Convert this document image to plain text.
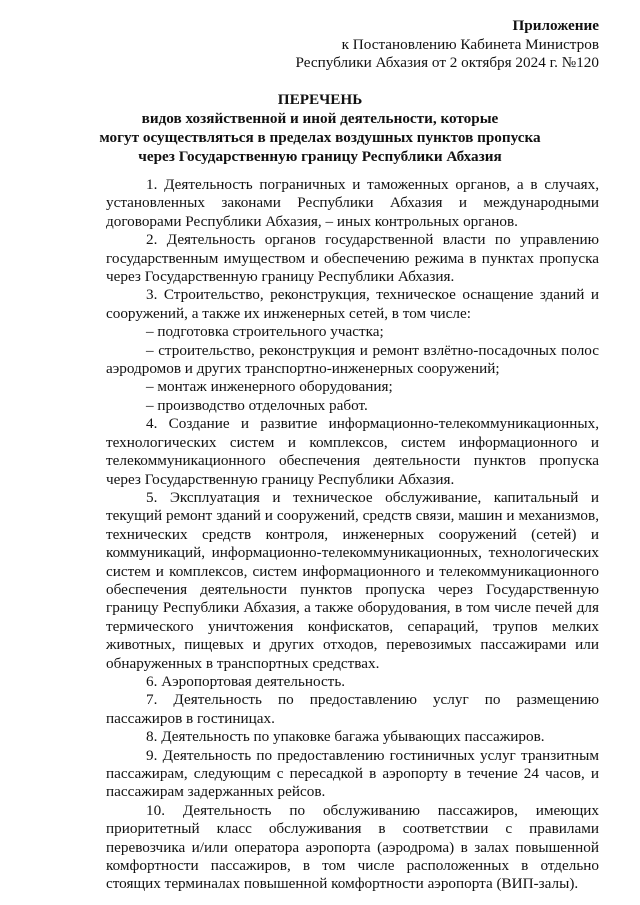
Приложение
к Постановлению Кабинета Министров
Республики Абхазия от 2 октября 2024 г. №120
ПЕРЕЧЕНЬ
видов хозяйственной и иной деятельности, которые
могут осуществляться в пределах воздушных пунктов пропуска
через Государственную границу Республики Абхазия

1. Деятельность пограничных и таможенных органов, а в случаях, установленных законами Республики Абхазия и международными договорами Республики Абхазия, – иных контрольных органов.

2. Деятельность органов государственной власти по управлению государственным имуществом и обеспечению режима в пунктах пропуска через Государственную границу Республики Абхазия.

3. Строительство, реконструкция, техническое оснащение зданий и сооружений, а также их инженерных сетей, в том числе:

– подготовка строительного участка;

– строительство, реконструкция и ремонт взлётно-посадочных полос аэродромов и других транспортно-инженерных сооружений;

– монтаж инженерного оборудования;

– производство отделочных работ.

4. Создание и развитие информационно-телекоммуникационных, технологических систем и комплексов, систем информационного и телекоммуникационного обеспечения деятельности пунктов пропуска через Государственную границу Республики Абхазия.

5. Эксплуатация и техническое обслуживание, капитальный и текущий ремонт зданий и сооружений, средств связи, машин и механизмов, технических средств контроля, инженерных сооружений (сетей) и коммуникаций, информационно-телекоммуникационных, технологических систем и комплексов, систем информационного и телекоммуникационного обеспечения деятельности пунктов пропуска через Государственную границу Республики Абхазия, а также оборудования, в том числе печей для термического уничтожения конфискатов, сепараций, трупов мелких животных, пищевых и других отходов, перевозимых пассажирами или обнаруженных в транспортных средствах.

6. Аэропортовая деятельность.

7. Деятельность по предоставлению услуг по размещению пассажиров в гостиницах.

8. Деятельность по упаковке багажа убывающих пассажиров.

9. Деятельность по предоставлению гостиничных услуг транзитным пассажирам, следующим с пересадкой в аэропорту в течение 24 часов, и пассажирам задержанных рейсов.

10. Деятельность по обслуживанию пассажиров, имеющих приоритетный класс обслуживания в соответствии с правилами перевозчика и/или оператора аэропорта (аэродрома) в залах повышенной комфортности пассажиров, в том числе расположенных в отдельно стоящих терминалах повышенной комфортности аэропорта (ВИП-залы).
